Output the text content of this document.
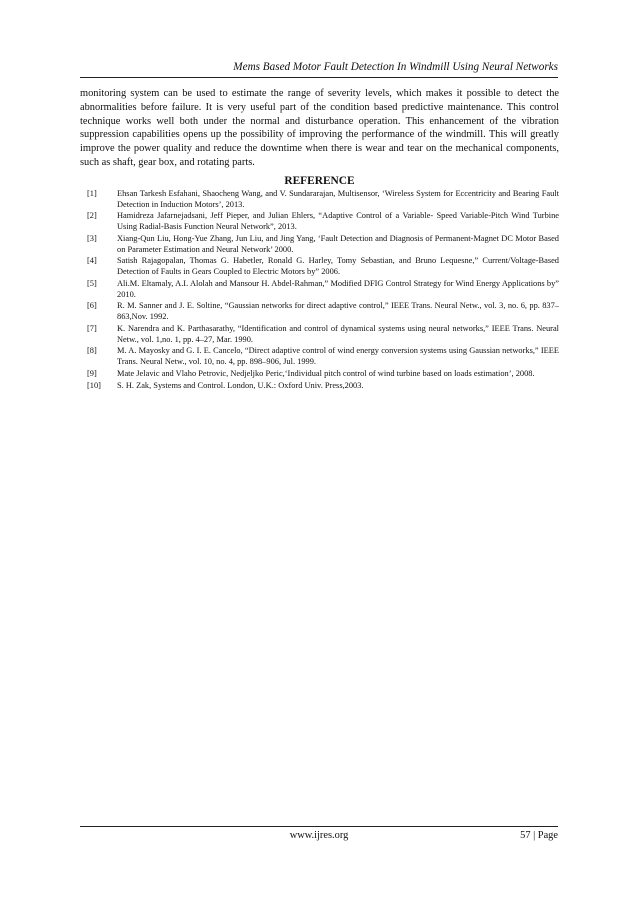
Mems Based Motor Fault Detection In Windmill Using Neural Networks

monitoring system can be used to estimate the range of severity levels, which makes it possible to detect the abnormalities before failure. It is very useful part of the condition based predictive maintenance. This control technique works well both under the normal and disturbance operation. This enhancement of the vibration suppression capabilities opens up the possibility of improving the performance of the windmill. This will greatly improve the power quality and reduce the downtime when there is wear and tear on the mechanical components, such as shaft, gear box, and rotating parts.

REFERENCE
[1]	Ehsan Tarkesh Esfahani, Shaocheng Wang, and V. Sundararajan, Multisensor, ‘Wireless System for Eccentricity and Bearing Fault Detection in Induction Motors’, 2013.
[2]	Hamidreza Jafarnejadsani, Jeff Pieper, and Julian Ehlers, “Adaptive Control of a Variable- Speed Variable-Pitch Wind Turbine Using Radial-Basis Function Neural Network”, 2013.
[3]	Xiang-Qun Liu, Hong-Yue Zhang, Jun Liu, and Jing Yang, ‘Fault Detection and Diagnosis of Permanent-Magnet DC Motor Based on Parameter Estimation and Neural Network’ 2000.
[4]	Satish Rajagopalan, Thomas G. Habetler, Ronald G. Harley, Tomy Sebastian, and Bruno Lequesne,” Current/Voltage-Based Detection of Faults in Gears Coupled to Electric Motors by” 2006.
[5]	Ali.M. Eltamaly, A.I. Alolah and Mansour H. Abdel-Rahman,” Modified DFIG Control Strategy for Wind Energy Applications by” 2010.
[6]	R. M. Sanner and J. E. Soltine, “Gaussian networks for direct adaptive control,” IEEE Trans. Neural Netw., vol. 3, no. 6, pp. 837–863,Nov. 1992.
[7]	K. Narendra and K. Parthasarathy, “Identification and control of dynamical systems using neural networks,” IEEE Trans. Neural Netw., vol. 1,no. 1, pp. 4–27, Mar. 1990.
[8]	M. A. Mayosky and G. I. E. Cancelo, “Direct adaptive control of wind energy conversion systems using Gaussian networks,” IEEE Trans. Neural Netw., vol. 10, no. 4, pp. 898–906, Jul. 1999.
[9]	Mate Jelavic and Vlaho Petrovic, Nedjeljko Peric,‘Individual pitch control of wind turbine based on loads estimation’, 2008.
[10]	S. H. Zak, Systems and Control. London, U.K.: Oxford Univ. Press,2003.
www.ijres.org	57 | Page
